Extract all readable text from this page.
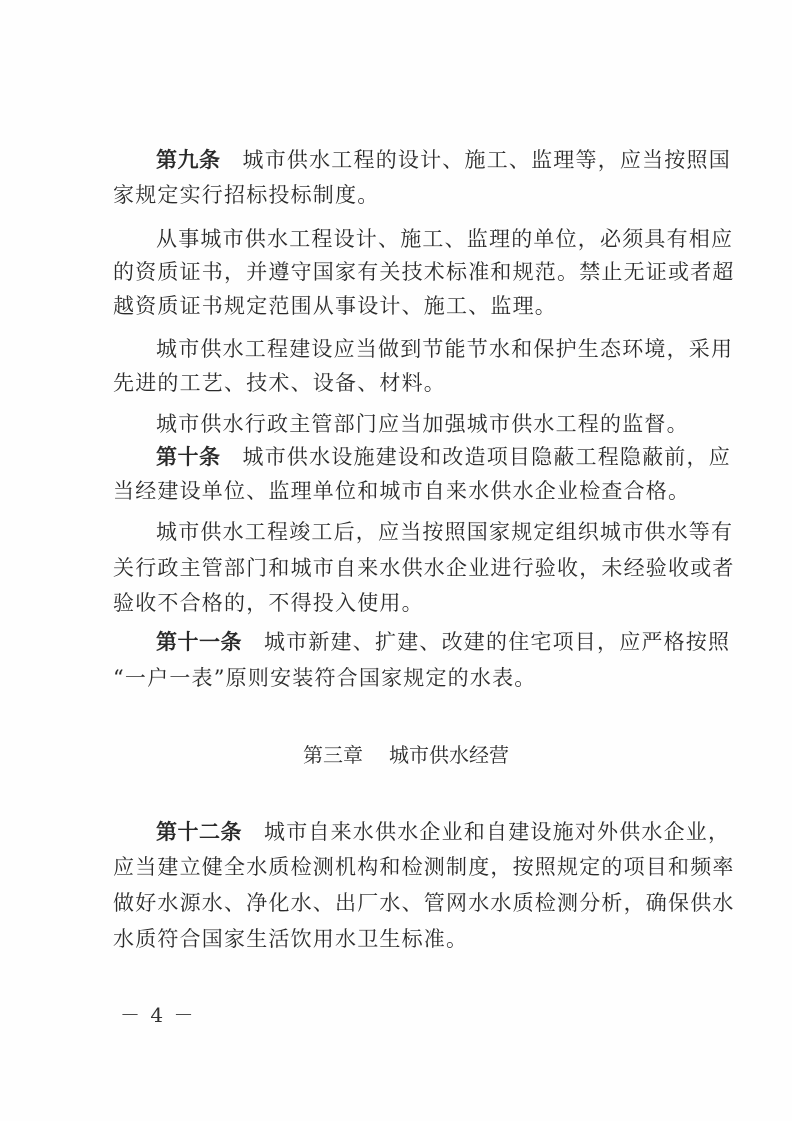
第九条 城市供水工程的设计、施工、监理等，应当按照国
家规定实行招标投标制度。
从事城市供水工程设计、施工、监理的单位，必须具有相应
的资质证书，并遵守国家有关技术标准和规范。禁止无证或者超
越资质证书规定范围从事设计、施工、监理。
城市供水工程建设应当做到节能节水和保护生态环境，采用
先进的工艺、技术、设备、材料。
城市供水行政主管部门应当加强城市供水工程的监督。
第十条 城市供水设施建设和改造项目隐蔽工程隐蔽前，应
当经建设单位、监理单位和城市自来水供水企业检查合格。
城市供水工程竣工后，应当按照国家规定组织城市供水等有
关行政主管部门和城市自来水供水企业进行验收，未经验收或者
验收不合格的，不得投入使用。
第十一条 城市新建、扩建、改建的住宅项目，应严格按照
“一户一表”原则安装符合国家规定的水表。
第三章 城市供水经营
第十二条 城市自来水供水企业和自建设施对外供水企业，
应当建立健全水质检测机构和检测制度，按照规定的项目和频率
做好水源水、净化水、出厂水、管网水水质检测分析，确保供水
水质符合国家生活饮用水卫生标准。
－ 4 －
